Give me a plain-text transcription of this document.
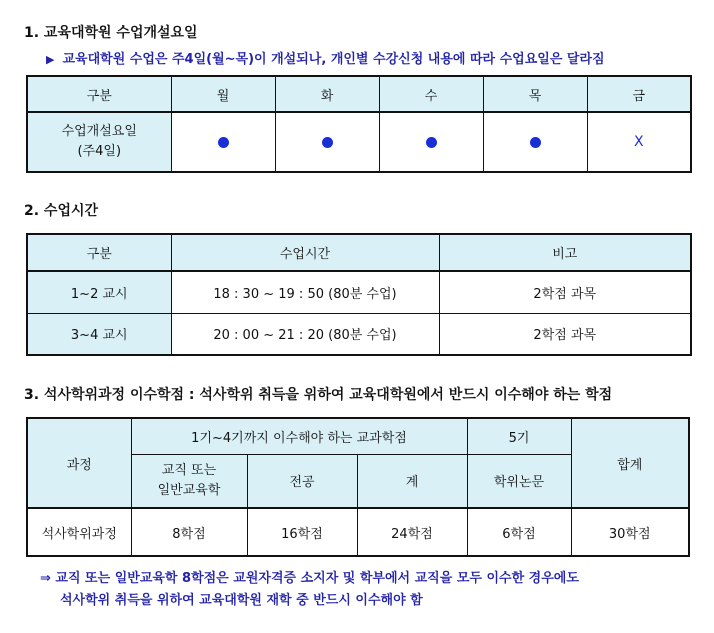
1. 교육대학원 수업개설요일
▶ 교육대학원 수업은 주4일(월~목)이 개설되나, 개인별 수강신청 내용에 따라 수업요일은 달라짐
구분	월	화	수	목	금

수업개설요일
(주4일)					X
2. 수업시간
구분	수업시간	비고
1~2 교시	18 : 30 ~ 19 : 50 (80분 수업)	2학점 과목
3~4 교시	20 : 00 ~ 21 : 20 (80분 수업)	2학점 과목
3. 석사학위과정 이수학점 : 석사학위 취득을 위하여 교육대학원에서 반드시 이수해야 하는 학점
과정	1기~4기까지 이수해야 하는 교과학점			5기	합계

	교직 또는
일반교육학	전공	계	학위논문	
석사학위과정	8학점	16학점	24학점	6학점	30학점
⇒ 교직 또는 일반교육학 8학점은 교원자격증 소지자 및 학부에서 교직을 모두 이수한 경우에도
석사학위 취득을 위하여 교육대학원 재학 중 반드시 이수해야 함
